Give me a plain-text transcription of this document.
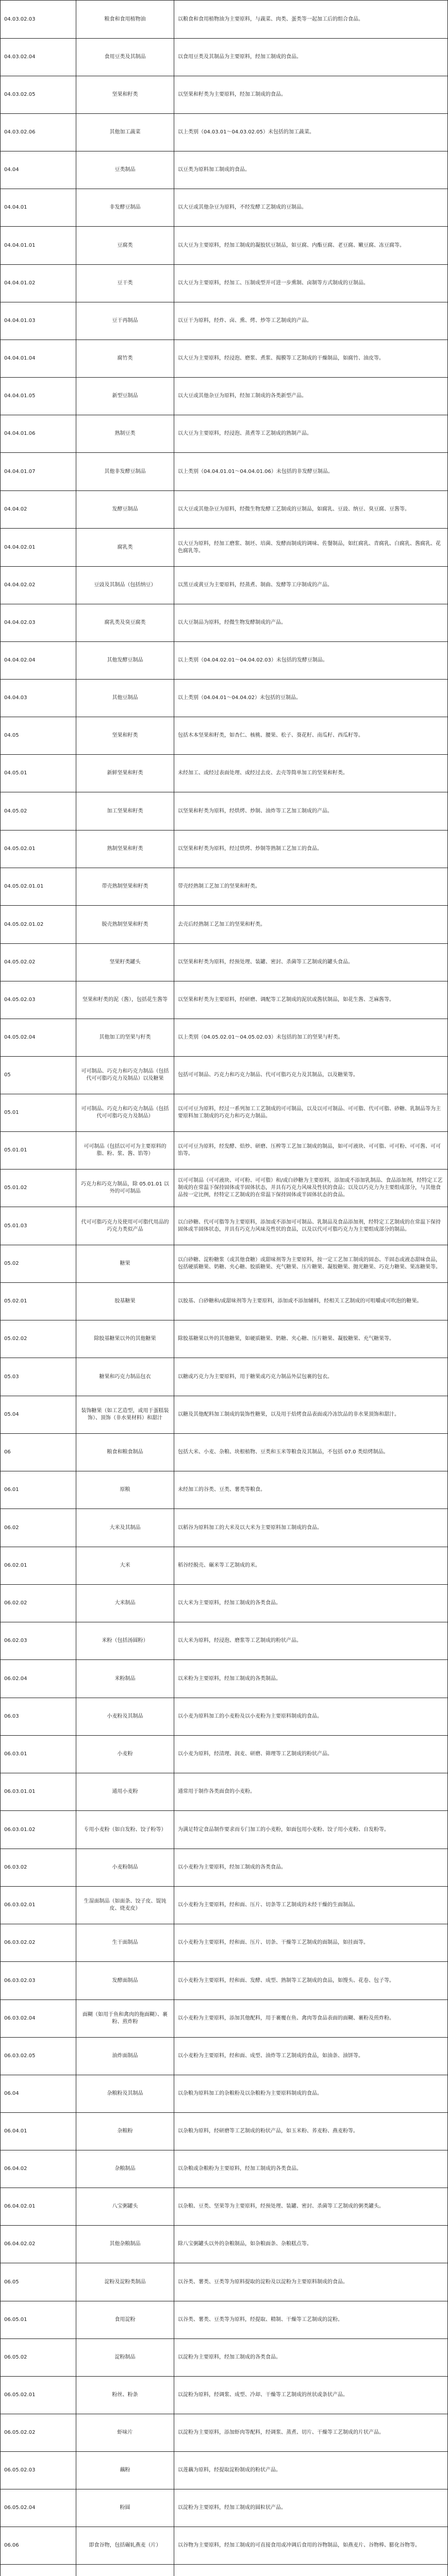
04.03.02.03	粮食和食用植物油	以粮食和食用植物油为主要原料，与蔬菜、肉类、蛋类等一起加工后的组合食品。
04.03.02.04	食用豆类及其制品	以食用豆类及其制品为主要原料，经加工制成的食品。
04.03.02.05	坚果和籽类	以坚果和籽类为主要原料，经加工制成的食品。
04.03.02.06	其他加工蔬菜	以上类别（04.03.01～04.03.02.05）未包括的加工蔬菜。
04.04	豆类制品	以豆类为原料加工制成的食品。
04.04.01	非发酵豆制品	以大豆或其他杂豆为原料，不经发酵工艺制成的豆制品。
04.04.01.01	豆腐类	以大豆为主要原料，经加工制成的凝胶状豆制品，如豆腐、内酯豆腐、老豆腐、嫩豆腐、冻豆腐等。
04.04.01.02	豆干类	以大豆为主要原料，经加工、压制成型并可进一步熏制、卤制等方式制成的豆制品。
04.04.01.03	豆干再制品	以豆干为原料，经炸、卤、熏、烤、炒等工艺制成的产品。
04.04.01.04	腐竹类	以大豆为主要原料，经浸泡、磨浆、煮浆、揭膜等工艺制成的干燥制品，如腐竹、油皮等。
04.04.01.05	新型豆制品	以大豆或其他杂豆为原料，经加工制成的各类新型产品。
04.04.01.06	熟制豆类	以大豆为主要原料，经浸泡、蒸煮等工艺制成的熟制产品。
04.04.01.07	其他非发酵豆制品	以上类别（04.04.01.01～04.04.01.06）未包括的非发酵豆制品。
04.04.02	发酵豆制品	以大豆或其他杂豆为原料，经微生物发酵工艺制成的豆制品，如腐乳、豆豉、纳豆、臭豆腐、豆酱等。
04.04.02.01	腐乳类	以大豆为原料，经加工磨浆、制坯、培菌、发酵而制成的调味、佐餐制品，如红腐乳、青腐乳、白腐乳、酱腐乳、花色腐乳等。
04.04.02.02	豆豉及其制品（包括纳豆）	以黑豆或黄豆为主要原料，经蒸煮、制曲、发酵等工序制成的产品。
04.04.02.03	腐乳类及臭豆腐类	以大豆制品为原料，经微生物发酵制成的产品。
04.04.02.04	其他发酵豆制品	以上类别（04.04.02.01～04.04.02.03）未包括的发酵豆制品。
04.04.03	其他豆制品	以上类别（04.04.01～04.04.02）未包括的豆制品。
04.05	坚果和籽类	包括木本坚果和籽类，如杏仁、核桃、腰果、松子、葵花籽、南瓜籽、西瓜籽等。
04.05.01	新鲜坚果和籽类	未经加工、或经过表面处理、或经过去皮、去壳等简单加工的坚果和籽类。
04.05.02	加工坚果和籽类	以坚果和籽类为原料，经烘烤、炒制、油炸等工艺加工制成的产品。
04.05.02.01	熟制坚果和籽类	以坚果和籽类为原料，经过烘烤、炒制等熟制工艺加工的食品。
04.05.02.01.01	带壳熟制坚果和籽类	带壳经熟制工艺加工的坚果和籽类。
04.05.02.01.02	脱壳熟制坚果和籽类	去壳后经熟制工艺加工的坚果和籽类。
04.05.02.02	坚果籽类罐头	以坚果和籽类为原料，经预处理、装罐、密封、杀菌等工艺制成的罐头食品。
04.05.02.03	坚果和籽类的泥（酱），包括花生酱等	以坚果和籽类为主要原料，经研磨、调配等工艺制成的泥状或酱状制品，如花生酱、芝麻酱等。
04.05.02.04	其他加工的坚果与籽类	以上类别（04.05.02.01～04.05.02.03）未包括的加工的坚果与籽类。
05	可可制品、巧克力和巧克力制品（包括代可可脂巧克力及制品）以及糖果	包括可可制品、巧克力和巧克力制品、代可可脂巧克力及其制品，以及糖果等。
05.01	可可制品、巧克力和巧克力制品（包括代可可脂巧克力及制品）	以可可豆为原料，经过一系列加工工艺制成的可可制品，以及以可可制品、可可脂、代可可脂、砂糖、乳制品等为主要原料加工制成的巧克力和巧克力制品。
05.01.01	可可制品（包括以可可为主要原料的脂、粉、浆、酱、馅等）	以可可豆为原料，经发酵、焙炒、研磨、压榨等工艺加工制成的制品，如可可液块、可可脂、可可粉、可可酱、可可馅等。
05.01.02	巧克力和巧克力制品，除 05.01.01 以外的可可制品	以可可制品（可可液块、可可粉、可可脂）和/或白砂糖为主要原料，添加或不添加乳制品、食品添加剂，经特定工艺制成的在常温下保持固体或半固体状态，并具有巧克力风味及性状的食品；以及以巧克力为主要组成部分，与其他食品按一定比例，经特定工艺制成的在常温下保持固体或半固体状态的食品。
05.01.03	代可可脂巧克力及使用可可脂代用品的巧克力类似产品	以白砂糖、代可可脂等为主要原料，添加或不添加可可制品、乳制品及食品添加剂，经特定工艺制成的在常温下保持固体或半固体状态，并具有巧克力风味及性状的食品，以及以代可可脂巧克力为主要组成部分的制品。
05.02	糖果	以白砂糖、淀粉糖浆（或其他食糖）或甜味剂等为主要原料，按一定工艺加工制成的固态、半固态或液态甜味食品，包括硬质糖果、奶糖、夹心糖、胶质糖果、充气糖果、压片糖果、凝胶糖果、抛光糖果、巧克力糖果、果冻糖果等。
05.02.01	胶基糖果	以胶基、白砂糖和/或甜味剂等为主要原料，添加或不添加辅料，经相关工艺制成的可咀嚼或可吹泡的糖果。
05.02.02	除胶基糖果以外的其他糖果	除胶基糖果以外的其他糖果，如硬质糖果、奶糖、夹心糖、压片糖果、凝胶糖果、充气糖果等。
05.03	糖果和巧克力制品包衣	以糖或巧克力为主要原料，用于糖果或巧克力制品外层包裹的包衣。
05.04	装饰糖果（如工艺造型，或用于蛋糕装饰）、顶饰（非水果材料）和甜汁	以糖及其他配料加工制成的装饰性糖果，以及用于焙烤食品表面或冷冻饮品的非水果顶饰和甜汁。
06	粮食和粮食制品	包括大米、小麦、杂粮、块根植物、豆类和玉米等粮食及其制品，不包括 07.0 类焙烤制品。
06.01	原粮	未经加工的谷类、豆类、薯类等粮食。
06.02	大米及其制品	以稻谷为原料加工的大米及以大米为主要原料加工制成的食品。
06.02.01	大米	稻谷经脱壳、碾米等工艺制成的米。
06.02.02	大米制品	以大米为主要原料，经加工制成的各类食品。
06.02.03	米粉（包括汤圆粉）	以大米为原料，经浸泡、磨浆等工艺制成的粉状产品。
06.02.04	米粉制品	以米粉为主要原料，经加工制成的各类制品。
06.03	小麦粉及其制品	以小麦为原料加工的小麦粉及以小麦粉为主要原料制成的食品。
06.03.01	小麦粉	以小麦为原料，经清理、润麦、研磨、筛理等工艺制成的粉状产品。
06.03.01.01	通用小麦粉	通常用于制作各类面食的小麦粉。
06.03.01.02	专用小麦粉（如自发粉、饺子粉等）	为满足特定食品制作要求而专门加工的小麦粉，如面包用小麦粉、饺子用小麦粉、自发粉等。
06.03.02	小麦粉制品	以小麦粉为主要原料，经加工制成的各类食品。
06.03.02.01	生湿面制品（如面条、饺子皮、馄饨皮、烧麦皮）	以小麦粉为主要原料，经和面、压片、切条等工艺制成的未经干燥的生面制品。
06.03.02.02	生干面制品	以小麦粉为主要原料，经和面、压片、切条、干燥等工艺制成的面制品，如挂面等。
06.03.02.03	发酵面制品	以小麦粉为主要原料，经和面、发酵、成型、熟制等工艺制成的食品，如馒头、花卷、包子等。
06.03.02.04	面糊（如用于鱼和禽肉的拖面糊）、裹粉、煎炸粉	以小麦粉为主要原料，添加其他配料，用于裹覆在鱼、禽肉等食品表面的面糊、裹粉及煎炸粉。
06.03.02.05	油炸面制品	以小麦粉为主要原料，经和面、成型、油炸等工艺制成的食品，如油条、油饼等。
06.04	杂粮粉及其制品	以杂粮为原料加工的杂粮粉及以杂粮粉为主要原料制成的食品。
06.04.01	杂粮粉	以杂粮为原料，经研磨等工艺制成的粉状产品，如玉米粉、荞麦粉、燕麦粉等。
06.04.02	杂粮制品	以杂粮或杂粮粉为主要原料，经加工制成的各类食品。
06.04.02.01	八宝粥罐头	以杂粮、豆类、坚果等为主要原料，经预处理、装罐、密封、杀菌等工艺制成的粥类罐头。
06.04.02.02	其他杂粮制品	除八宝粥罐头以外的杂粮制品，如杂粮面条、杂粮糕点等。
06.05	淀粉及淀粉类制品	以谷类、薯类、豆类等为原料提取的淀粉及以淀粉为主要原料制成的食品。
06.05.01	食用淀粉	以谷类、薯类、豆类等为原料，经提取、精制、干燥等工艺制成的淀粉。
06.05.02	淀粉制品	以淀粉为主要原料，经加工制成的各类食品。
06.05.02.01	粉丝、粉条	以淀粉为原料，经调浆、成型、冷却、干燥等工艺制成的丝状或条状产品。
06.05.02.02	虾味片	以淀粉为主要原料，添加虾肉等配料，经调浆、蒸煮、切片、干燥等工艺制成的片状产品。
06.05.02.03	藕粉	以莲藕为原料，经提取淀粉制成的粉状产品。
06.05.02.04	粉圆	以淀粉为主要原料，经加工制成的圆粒状产品。
06.06	即食谷物，包括碾轧燕麦（片）	以谷物为主要原料，经加工制成的可直接食用或冲调后食用的谷物制品，如燕麦片、谷物棒、膨化谷物等。
